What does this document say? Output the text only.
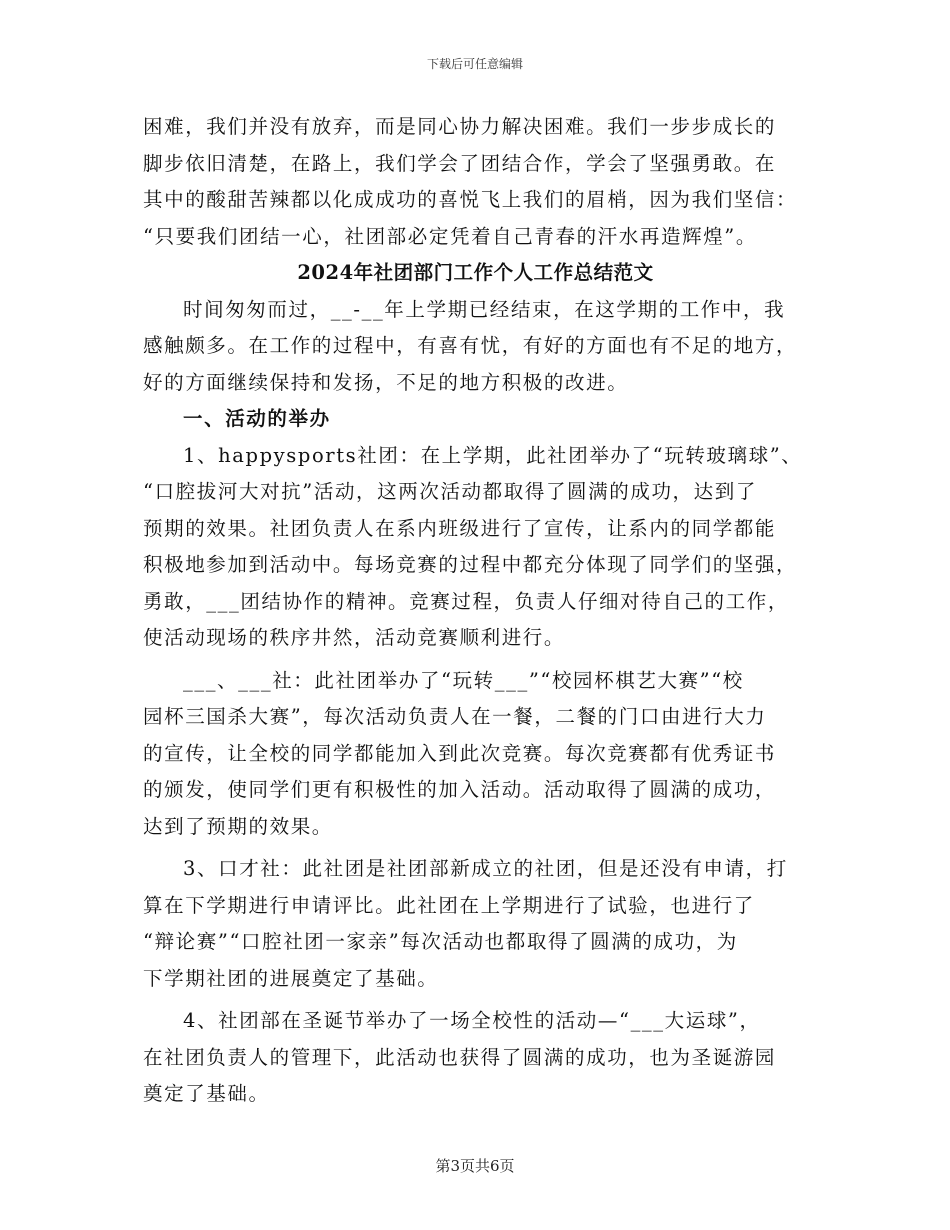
下载后可任意编辑
困难，我们并没有放弃，而是同心协力解决困难。我们一步步成长的
脚步依旧清楚，在路上，我们学会了团结合作，学会了坚强勇敢。在
其中的酸甜苦辣都以化成成功的喜悦飞上我们的眉梢，因为我们坚信：
“只要我们团结一心，社团部必定凭着自己青春的汗水再造辉煌”。
2024年社团部门工作个人工作总结范文
时间匆匆而过，__-__年上学期已经结束，在这学期的工作中，我
感触颇多。在工作的过程中，有喜有忧，有好的方面也有不足的地方，
好的方面继续保持和发扬，不足的地方积极的改进。
一、活动的举办
1、happysports社团：在上学期，此社团举办了“玩转玻璃球”、
“口腔拔河大对抗”活动，这两次活动都取得了圆满的成功，达到了
预期的效果。社团负责人在系内班级进行了宣传，让系内的同学都能
积极地参加到活动中。每场竞赛的过程中都充分体现了同学们的坚强，
勇敢，___团结协作的精神。竞赛过程，负责人仔细对待自己的工作，
使活动现场的秩序井然，活动竞赛顺利进行。
___、___社：此社团举办了“玩转___”“校园杯棋艺大赛”“校
园杯三国杀大赛”，每次活动负责人在一餐，二餐的门口由进行大力
的宣传，让全校的同学都能加入到此次竞赛。每次竞赛都有优秀证书
的颁发，使同学们更有积极性的加入活动。活动取得了圆满的成功，
达到了预期的效果。
3、口才社：此社团是社团部新成立的社团，但是还没有申请，打
算在下学期进行申请评比。此社团在上学期进行了试验，也进行了
“辩论赛”“口腔社团一家亲”每次活动也都取得了圆满的成功，为
下学期社团的进展奠定了基础。
4、社团部在圣诞节举办了一场全校性的活动—“___大运球”，
在社团负责人的管理下，此活动也获得了圆满的成功，也为圣诞游园
奠定了基础。
第3页共6页
